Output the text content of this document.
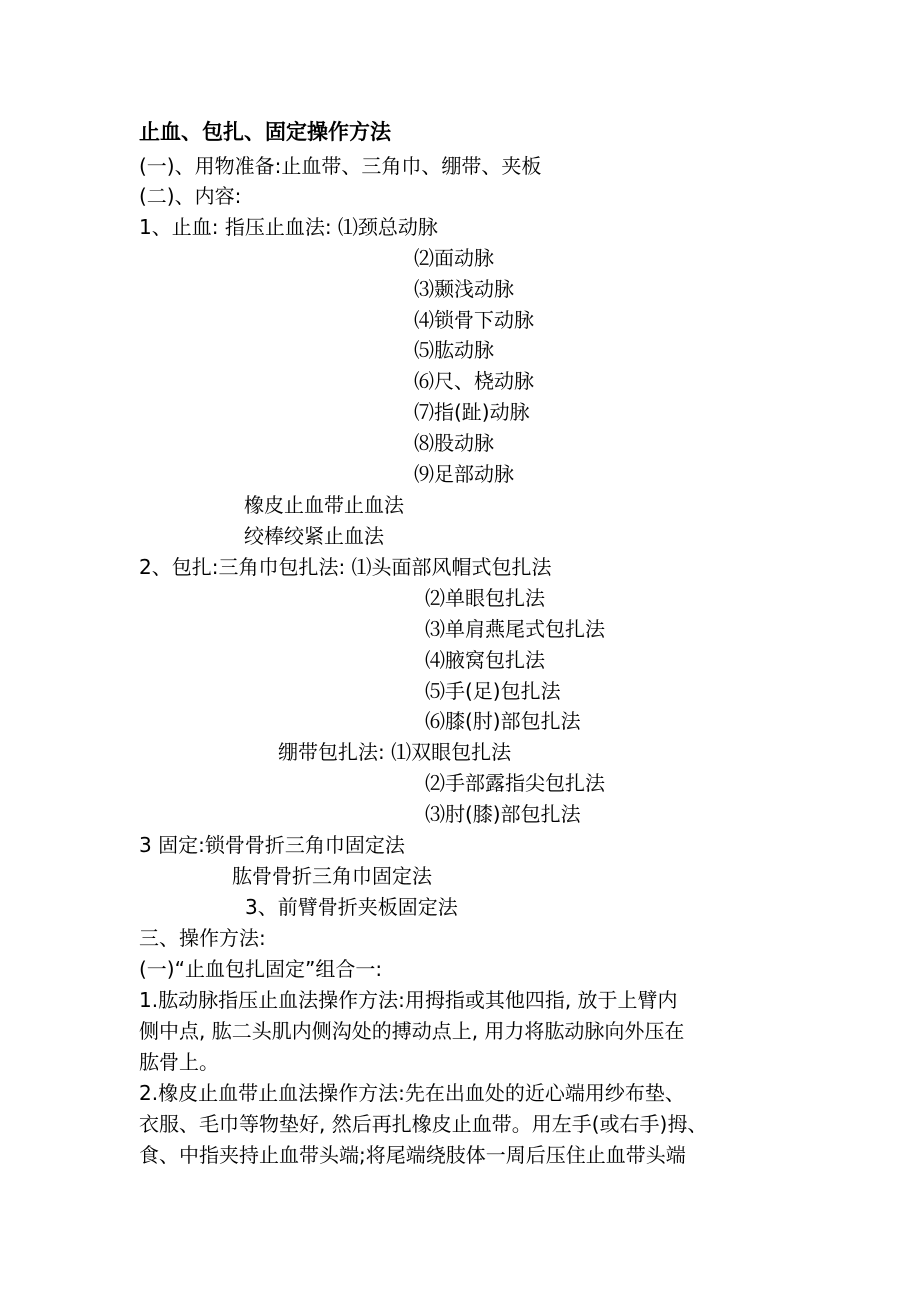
止血、包扎、固定操作方法
(一)、用物准备:止血带、三角巾、绷带、夹板
(二)、内容:
1、止血: 指压止血法: ⑴颈总动脉
⑵面动脉
⑶颞浅动脉
⑷锁骨下动脉
⑸肱动脉
⑹尺、桡动脉
⑺指(趾)动脉
⑻股动脉
⑼足部动脉
橡皮止血带止血法
绞棒绞紧止血法
2、包扎:三角巾包扎法: ⑴头面部风帽式包扎法
⑵单眼包扎法
⑶单肩燕尾式包扎法
⑷腋窝包扎法
⑸手(足)包扎法
⑹膝(肘)部包扎法
绷带包扎法: ⑴双眼包扎法
⑵手部露指尖包扎法
⑶肘(膝)部包扎法
3 固定:锁骨骨折三角巾固定法
肱骨骨折三角巾固定法
3、前臂骨折夹板固定法
三、操作方法:
(一)“止血包扎固定”组合一:
1.肱动脉指压止血法操作方法:用拇指或其他四指, 放于上臂内
侧中点, 肱二头肌内侧沟处的搏动点上, 用力将肱动脉向外压在
肱骨上。
2.橡皮止血带止血法操作方法:先在出血处的近心端用纱布垫、
衣服、毛巾等物垫好, 然后再扎橡皮止血带。用左手(或右手)拇、
食、中指夹持止血带头端;将尾端绕肢体一周后压住止血带头端
